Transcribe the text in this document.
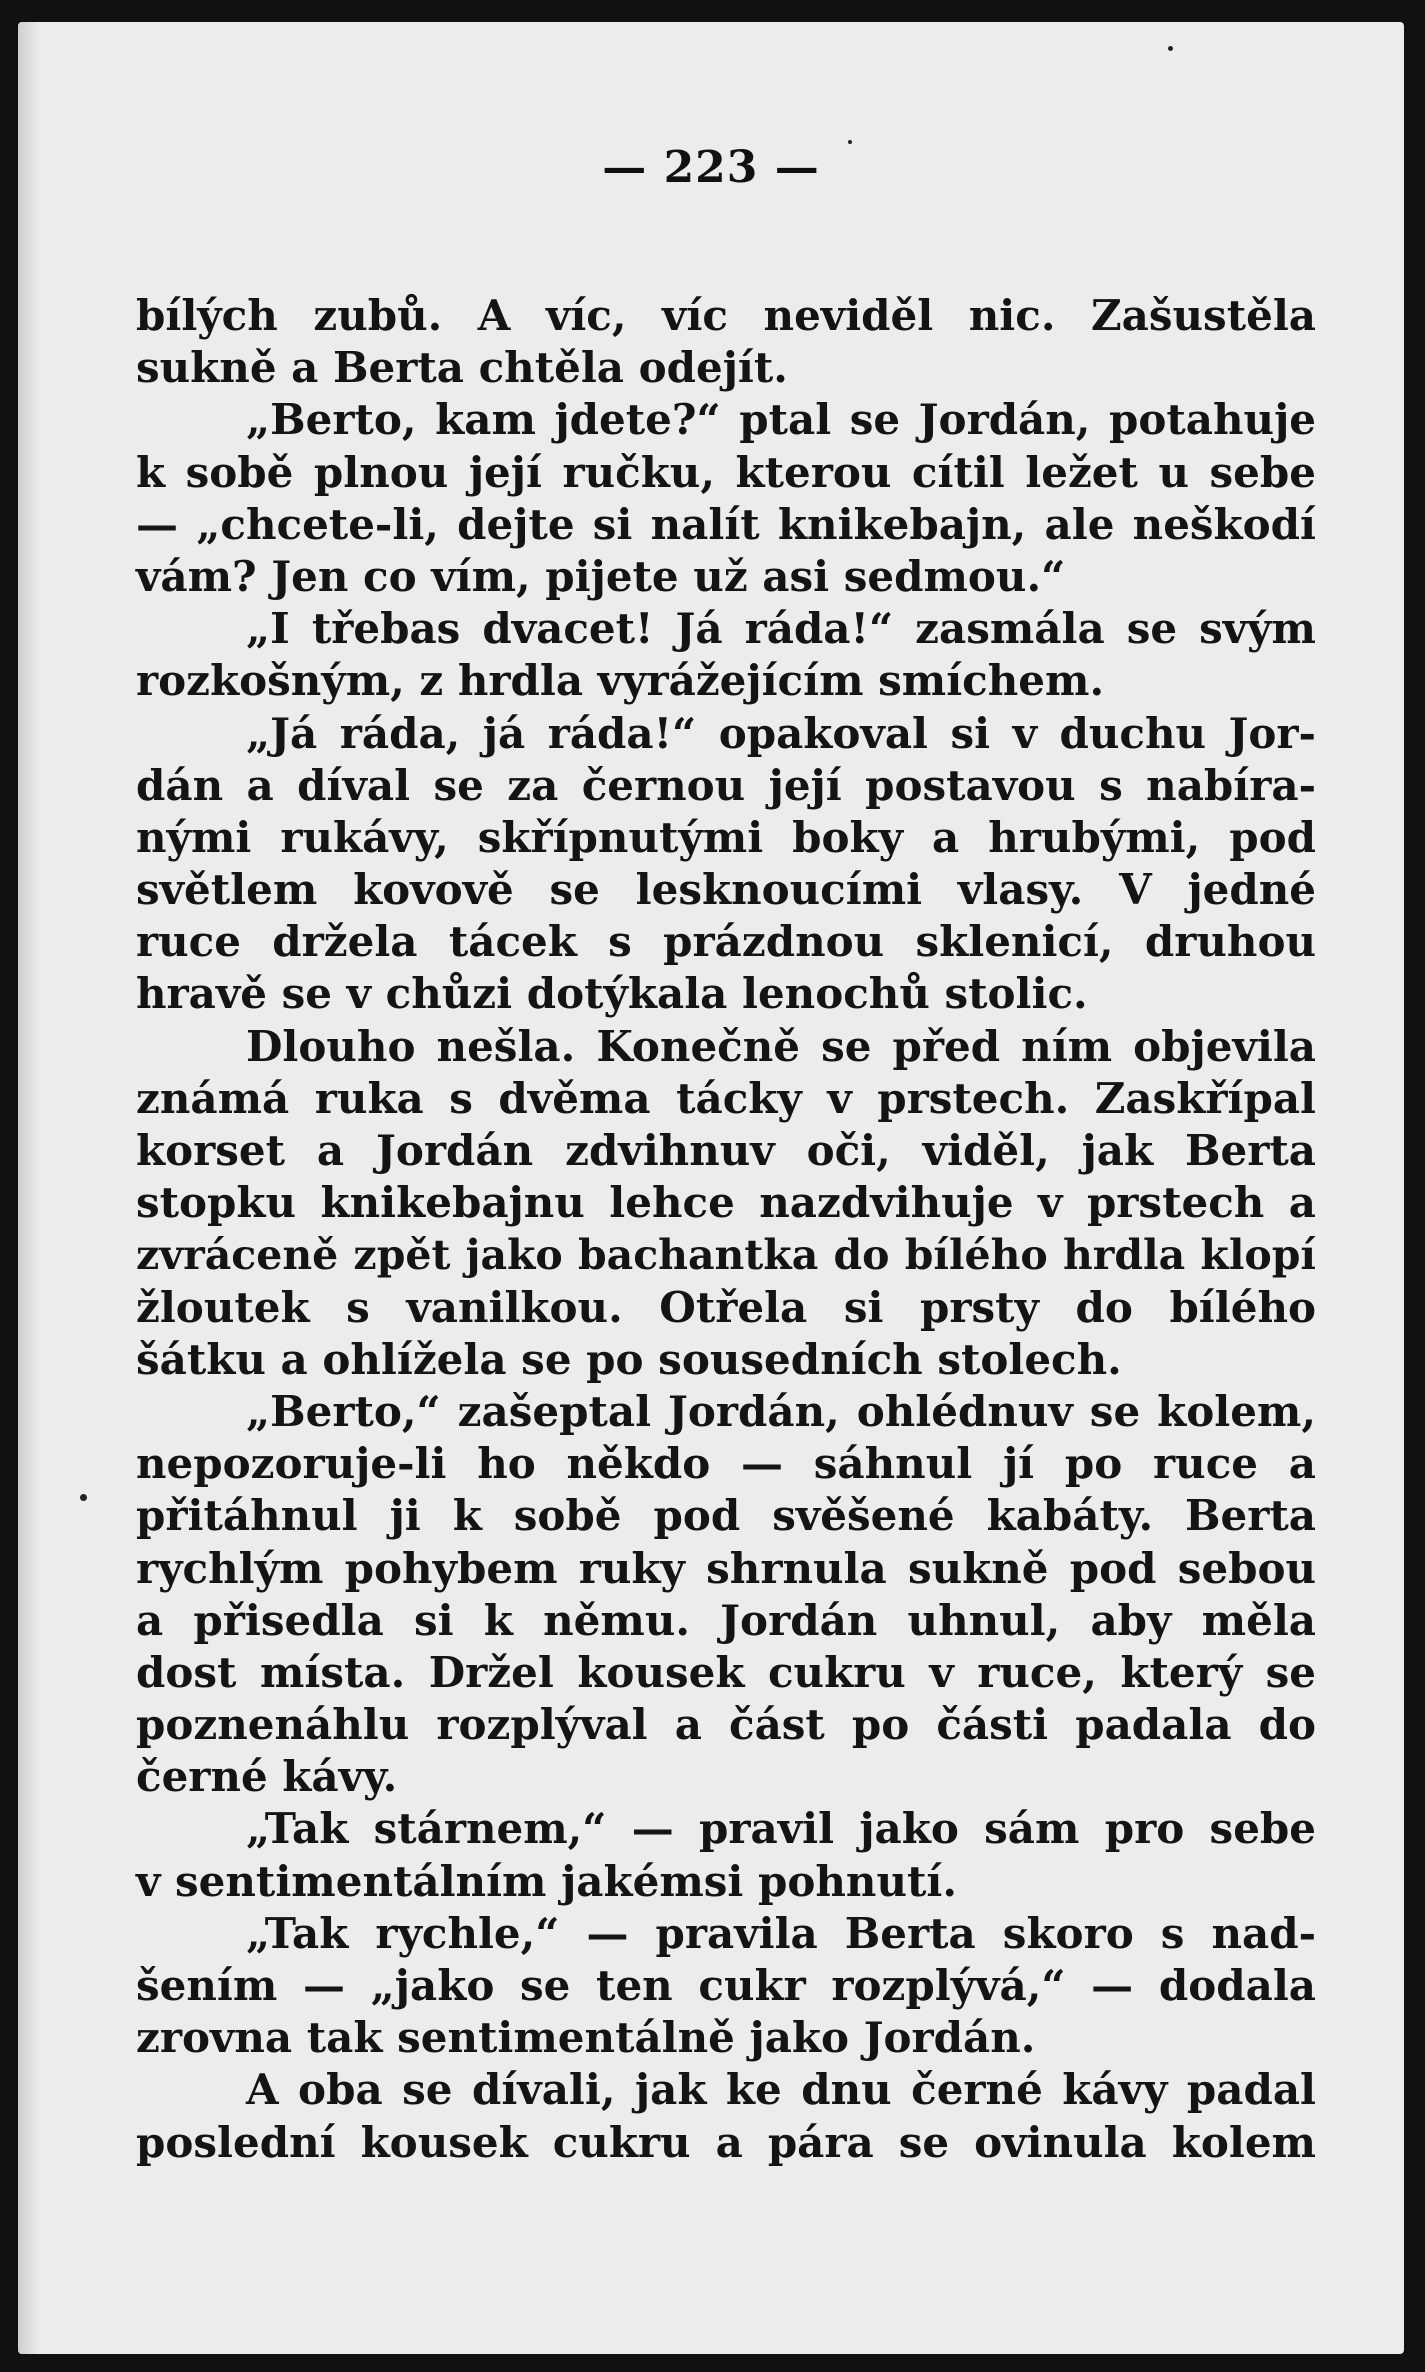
— 223 —
bílých zubů. A víc, víc neviděl nic. Zašustěla
sukně a Berta chtěla odejít.
„Berto, kam jdete?“ ptal se Jordán, potahuje
k sobě plnou její ručku, kterou cítil ležet u sebe
— „chcete-li, dejte si nalít knikebajn, ale neškodí
vám? Jen co vím, pijete už asi sedmou.“
„I třebas dvacet! Já ráda!“ zasmála se svým
rozkošným, z hrdla vyrážejícím smíchem.
„Já ráda, já ráda!“ opakoval si v duchu Jor-
dán a díval se za černou její postavou s nabíra-
nými rukávy, skřípnutými boky a hrubými, pod
světlem kovově se lesknoucími vlasy. V jedné
ruce držela tácek s prázdnou sklenicí, druhou
hravě se v chůzi dotýkala lenochů stolic.
Dlouho nešla. Konečně se před ním objevila
známá ruka s dvěma tácky v prstech. Zaskřípal
korset a Jordán zdvihnuv oči, viděl, jak Berta
stopku knikebajnu lehce nazdvihuje v prstech a
zvráceně zpět jako bachantka do bílého hrdla klopí
žloutek s vanilkou. Otřela si prsty do bílého
šátku a ohlížela se po sousedních stolech.
„Berto,“ zašeptal Jordán, ohlédnuv se kolem,
nepozoruje-li ho někdo — sáhnul jí po ruce a
přitáhnul ji k sobě pod svěšené kabáty. Berta
rychlým pohybem ruky shrnula sukně pod sebou
a přisedla si k němu. Jordán uhnul, aby měla
dost místa. Držel kousek cukru v ruce, který se
poznenáhlu rozplýval a část po části padala do
černé kávy.
„Tak stárnem,“ — pravil jako sám pro sebe
v sentimentálním jakémsi pohnutí.
„Tak rychle,“ — pravila Berta skoro s nad-
šením — „jako se ten cukr rozplývá,“ — dodala
zrovna tak sentimentálně jako Jordán.
A oba se dívali, jak ke dnu černé kávy padal
poslední kousek cukru a pára se ovinula kolem
